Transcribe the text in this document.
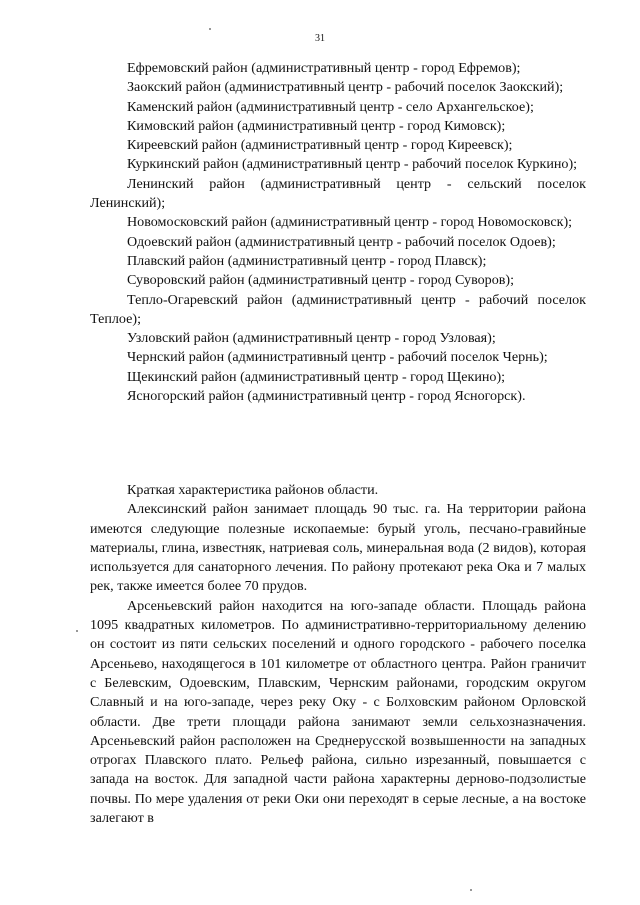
31

Ефремовский район (административный центр - город Ефремов);

Заокский район (административный центр - рабочий поселок Заокский);

Каменский район (административный центр - село Архангельское);

Кимовский район (административный центр - город Кимовск);

Киреевский район (административный центр - город Киреевск);

Куркинский район (административный центр - рабочий поселок Куркино);

Ленинский район (административный центр - сельский поселок Ленинский);

Новомосковский район (административный центр - город Новомосковск);

Одоевский район (административный центр - рабочий поселок Одоев);

Плавский район (административный центр - город Плавск);

Суворовский район (административный центр - город Суворов);

Тепло-Огаревский район (административный центр - рабочий поселок Теплое);

Узловский район (административный центр - город Узловая);

Чернский район (административный центр - рабочий поселок Чернь);

Щекинский район (административный центр - город Щекино);

Ясногорский район (административный центр - город Ясногорск).

Краткая характеристика районов области.

Алексинский район занимает площадь 90 тыс. га. На территории района имеются следующие полезные ископаемые: бурый уголь, песчано-гравийные материалы, глина, известняк, натриевая соль, минеральная вода (2 видов), которая используется для санаторного лечения. По району протекают река Ока и 7 малых рек, также имеется более 70 прудов.

Арсеньевский район находится на юго-западе области. Площадь района 1095 квадратных километров. По административно-территориальному делению он состоит из пяти сельских поселений и одного городского - рабочего поселка Арсеньево, находящегося в 101 километре от областного центра. Район граничит с Белевским, Одоевским, Плавским, Чернским районами, городским округом Славный и на юго-западе, через реку Оку - с Болховским районом Орловской области. Две трети площади района занимают земли сельхозназначения. Арсеньевский район расположен на Среднерусской возвышенности на западных отрогах Плавского плато. Рельеф района, сильно изрезанный, повышается с запада на восток. Для западной части района характерны дерново-подзолистые почвы. По мере удаления от реки Оки они переходят в серые лесные, а на востоке залегают в
